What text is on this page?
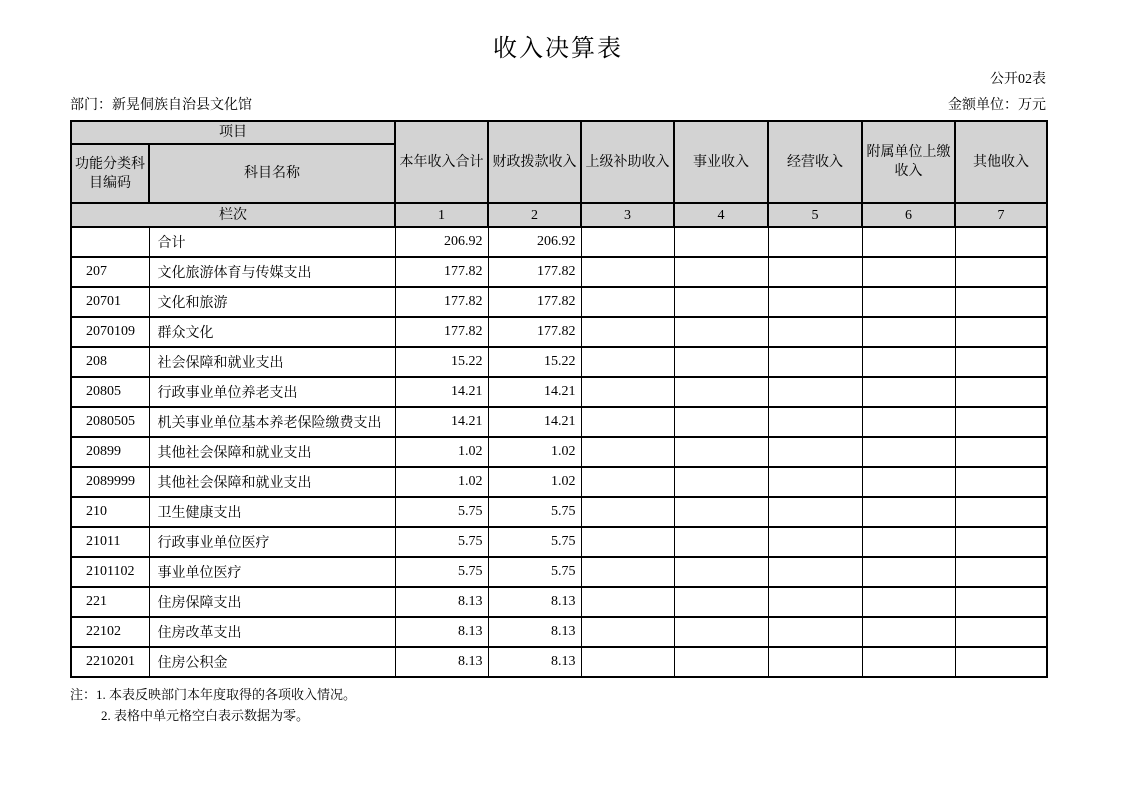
收入决算表
公开02表
部门：新晃侗族自治县文化馆	金额单位：万元
项目		本年收入合计	财政拨款收入	上级补助收入	事业收入	经营收入	附属单位上缴收入	其他收入
功能分类科目编码	科目名称							
栏次		1	2	3	4	5	6	7
	合计	206.92	206.92					
207	文化旅游体育与传媒支出	177.82	177.82					
20701	文化和旅游	177.82	177.82					
2070109	群众文化	177.82	177.82					
208	社会保障和就业支出	15.22	15.22					
20805	行政事业单位养老支出	14.21	14.21					
2080505	机关事业单位基本养老保险缴费支出	14.21	14.21					
20899	其他社会保障和就业支出	1.02	1.02					
2089999	其他社会保障和就业支出	1.02	1.02					
210	卫生健康支出	5.75	5.75					
21011	行政事业单位医疗	5.75	5.75					
2101102	事业单位医疗	5.75	5.75					
221	住房保障支出	8.13	8.13					
22102	住房改革支出	8.13	8.13					
2210201	住房公积金	8.13	8.13					
注：1. 本表反映部门本年度取得的各项收入情况。
2. 表格中单元格空白表示数据为零。
